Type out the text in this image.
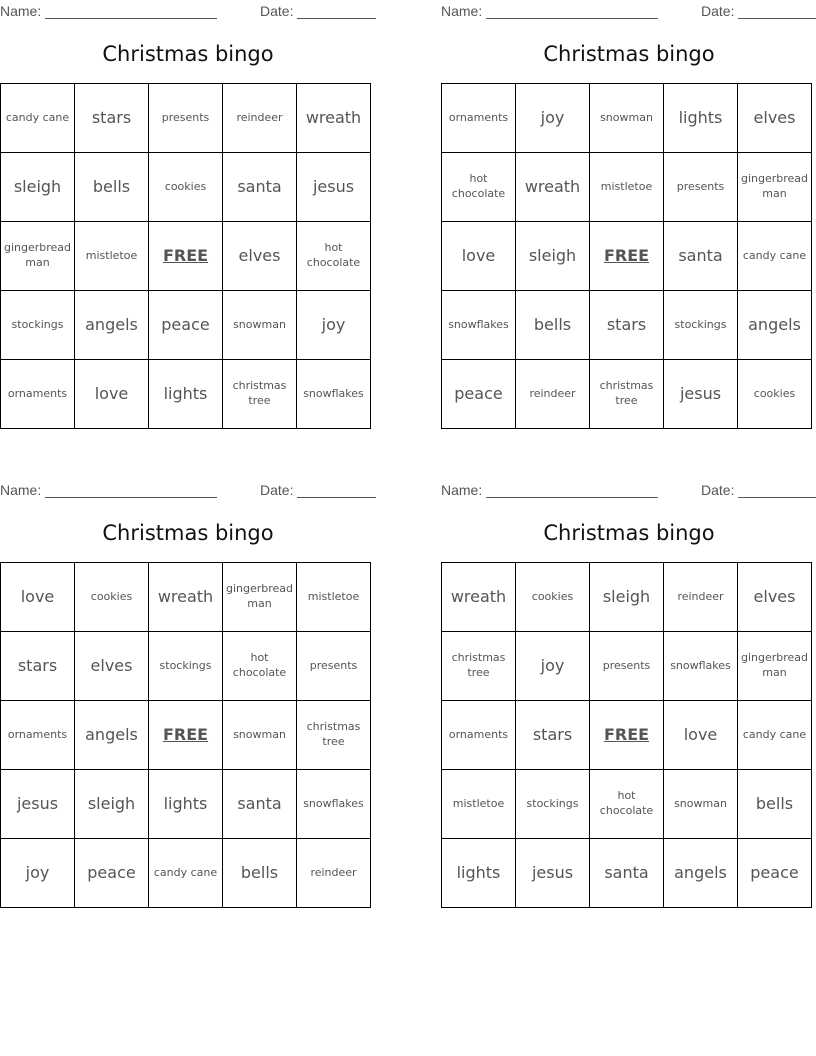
Name:	Date:
Christmas bingo
candy cane	stars	presents	reindeer	wreath
sleigh	bells	cookies	santa	jesus
gingerbread man	mistletoe	FREE	elves	hot chocolate
stockings	angels	peace	snowman	joy
ornaments	love	lights	christmas tree	snowflakes
Name:	Date:
Christmas bingo
ornaments	joy	snowman	lights	elves
hot chocolate	wreath	mistletoe	presents	gingerbread man
love	sleigh	FREE	santa	candy cane
snowflakes	bells	stars	stockings	angels
peace	reindeer	christmas tree	jesus	cookies
Name:	Date:
Christmas bingo
love	cookies	wreath	gingerbread man	mistletoe
stars	elves	stockings	hot chocolate	presents
ornaments	angels	FREE	snowman	christmas tree
jesus	sleigh	lights	santa	snowflakes
joy	peace	candy cane	bells	reindeer
Name:	Date:
Christmas bingo
wreath	cookies	sleigh	reindeer	elves
christmas tree	joy	presents	snowflakes	gingerbread man
ornaments	stars	FREE	love	candy cane
mistletoe	stockings	hot chocolate	snowman	bells
lights	jesus	santa	angels	peace
